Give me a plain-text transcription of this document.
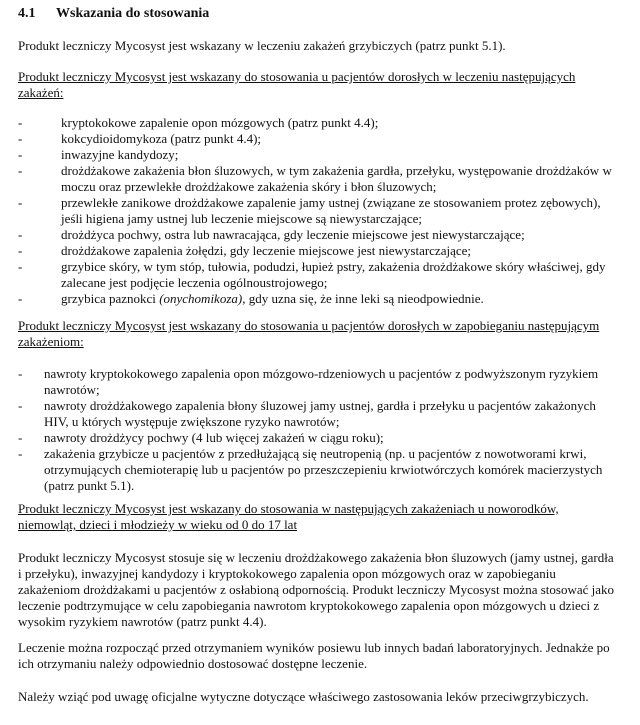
4.1 Wskazania do stosowania

Produkt leczniczy Mycosyst jest wskazany w leczeniu zakażeń grzybiczych (patrz punkt 5.1).

Produkt leczniczy Mycosyst jest wskazany do stosowania u pacjentów dorosłych w leczeniu następujących zakażeń:

-	kryptokokowe zapalenie opon mózgowych (patrz punkt 4.4);
-	kokcydioidomykoza (patrz punkt 4.4);
-	inwazyjne kandydozy;
-	drożdżakowe zakażenia błon śluzowych, w tym zakażenia gardła, przełyku, występowanie drożdżaków w moczu oraz przewlekłe drożdżakowe zakażenia skóry i błon śluzowych;
-	przewlekłe zanikowe drożdżakowe zapalenie jamy ustnej (związane ze stosowaniem protez zębowych), jeśli higiena jamy ustnej lub leczenie miejscowe są niewystarczające;
-	drożdżyca pochwy, ostra lub nawracająca, gdy leczenie miejscowe jest niewystarczające;
-	drożdżakowe zapalenia żołędzi, gdy leczenie miejscowe jest niewystarczające;
-	grzybice skóry, w tym stóp, tułowia, podudzi, łupież pstry, zakażenia drożdżakowe skóry właściwej, gdy zalecane jest podjęcie leczenia ogólnoustrojowego;
-	grzybica paznokci (onychomikoza), gdy uzna się, że inne leki są nieodpowiednie.

Produkt leczniczy Mycosyst jest wskazany do stosowania u pacjentów dorosłych w zapobieganiu następującym zakażeniom:

- nawroty kryptokokowego zapalenia opon mózgowo-rdzeniowych u pacjentów z podwyższonym ryzykiem nawrotów;
- nawroty drożdżakowego zapalenia błony śluzowej jamy ustnej, gardła i przełyku u pacjentów zakażonych HIV, u których występuje zwiększone ryzyko nawrotów;
- nawroty drożdżycy pochwy (4 lub więcej zakażeń w ciągu roku);
- zakażenia grzybicze u pacjentów z przedłużającą się neutropenią (np. u pacjentów z nowotworami krwi, otrzymujących chemioterapię lub u pacjentów po przeszczepieniu krwiotwórczych komórek macierzystych (patrz punkt 5.1).

Produkt leczniczy Mycosyst jest wskazany do stosowania w następujących zakażeniach u noworodków, niemowląt, dzieci i młodzieży w wieku od 0 do 17 lat

Produkt leczniczy Mycosyst stosuje się w leczeniu drożdżakowego zakażenia błon śluzowych (jamy ustnej, gardła i przełyku), inwazyjnej kandydozy i kryptokokowego zapalenia opon mózgowych oraz w zapobieganiu zakażeniom drożdżakami u pacjentów z osłabioną odpornością. Produkt leczniczy Mycosyst można stosować jako leczenie podtrzymujące w celu zapobiegania nawrotom kryptokokowego zapalenia opon mózgowych u dzieci z wysokim ryzykiem nawrotów (patrz punkt 4.4).

Leczenie można rozpocząć przed otrzymaniem wyników posiewu lub innych badań laboratoryjnych. Jednakże po ich otrzymaniu należy odpowiednio dostosować dostępne leczenie.

Należy wziąć pod uwagę oficjalne wytyczne dotyczące właściwego zastosowania leków przeciwgrzybiczych.
